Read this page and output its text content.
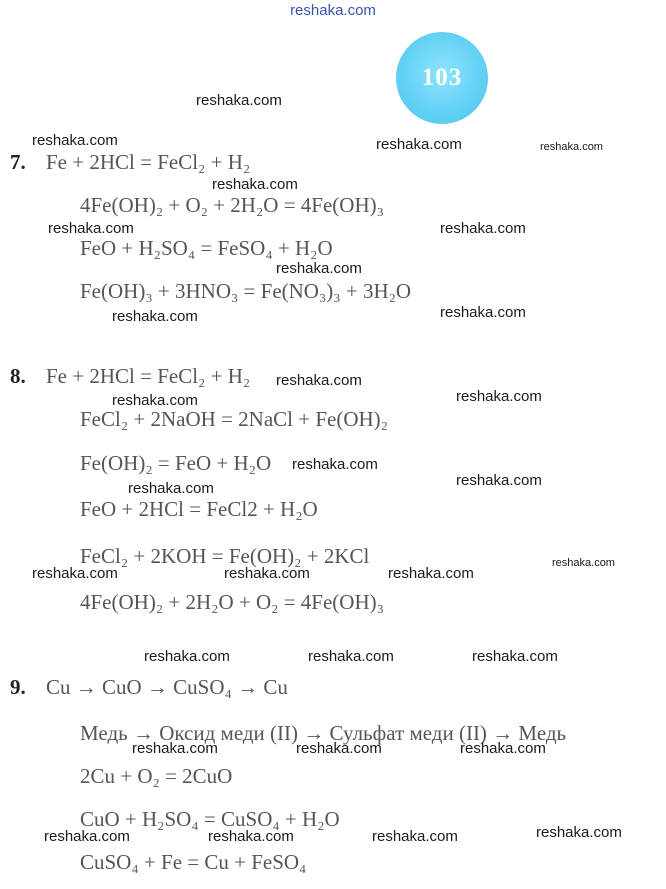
reshaka.com
103
7. Fe + 2HCl = FeCl₂ + H₂
4Fe(OH)₂ + O₂ + 2H₂O = 4Fe(OH)₃
FeO + H₂SO₄ = FeSO₄ + H₂O
Fe(OH)₃ + 3HNO₃ = Fe(NO₃)₃ + 3H₂O
8. Fe + 2HCl = FeCl₂ + H₂
FeCl₂ + 2NaOH = 2NaCl + Fe(OH)₂
Fe(OH)₂ = FeO + H₂O
FeO + 2HCl = FeCl2 + H₂O
FeCl₂ + 2KOH = Fe(OH)₂ + 2KCl
4Fe(OH)₂ + 2H₂O + O₂ = 4Fe(OH)₃
9. Cu → CuO → CuSO₄ → Cu
Медь → Оксид меди (II) → Сульфат меди (II) → Медь
2Cu + O₂ = 2CuO
CuO + H₂SO₄ = CuSO₄ + H₂O
CuSO₄ + Fe = Cu + FeSO₄
reshaka.com
reshaka.com	reshaka.com	reshaka.com
reshaka.com
reshaka.com	reshaka.com
reshaka.com
reshaka.com	reshaka.com
reshaka.com
reshaka.com	reshaka.com
reshaka.com
reshaka.com
reshaka.com
reshaka.com
reshaka.com	reshaka.com	reshaka.com
reshaka.com	reshaka.com	reshaka.com
reshaka.com	reshaka.com	reshaka.com
reshaka.com
reshaka.com	reshaka.com	reshaka.com
